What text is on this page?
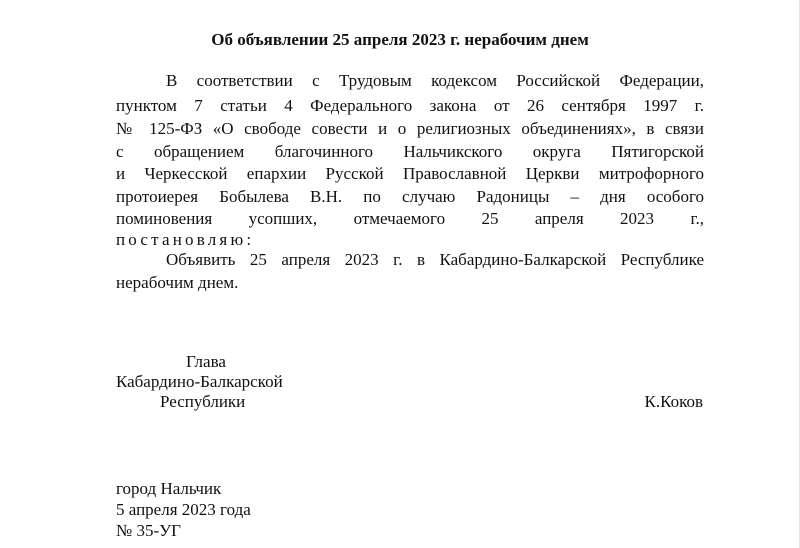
Об объявлении 25 апреля 2023 г. нерабочим днем
В соответствии с Трудовым кодексом Российской Федерации,
пунктом 7 статьи 4 Федерального закона от 26 сентября 1997 г.
№ 125-ФЗ «О свободе совести и о религиозных объединениях», в связи
с обращением благочинного Нальчикского округа Пятигорской
и Черкесской епархии Русской Православной Церкви митрофорного
протоиерея Бобылева В.Н. по случаю Радоницы – дня особого
поминовения усопших, отмечаемого 25 апреля 2023 г.,
постановляю:
Объявить 25 апреля 2023 г. в Кабардино-Балкарской Республике
нерабочим днем.
Глава
Кабардино-Балкарской
Республики	К.Коков
город Нальчик
5 апреля 2023 года
№ 35-УГ
